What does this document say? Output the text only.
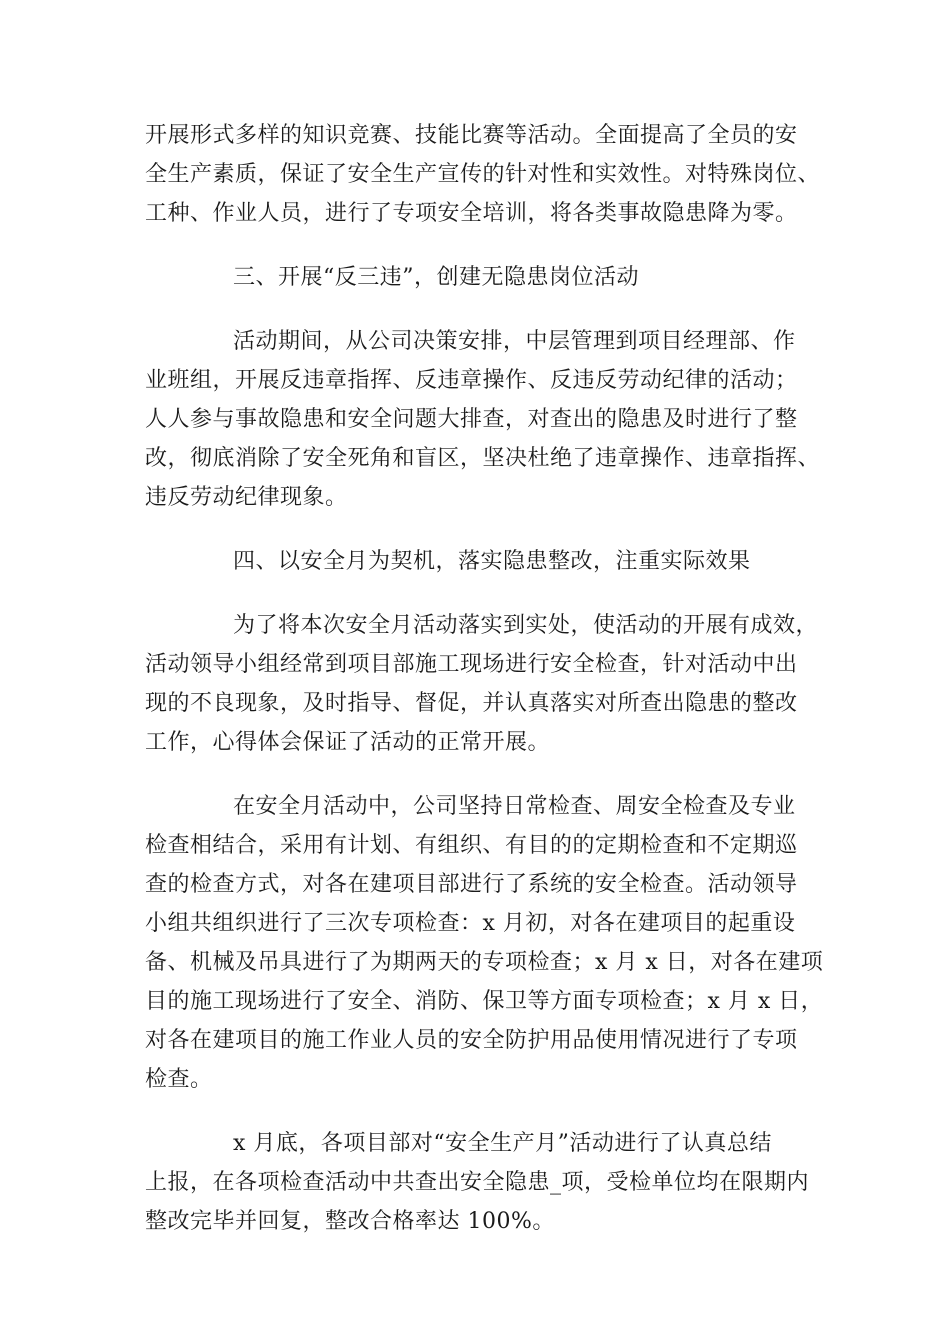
开展形式多样的知识竞赛、技能比赛等活动。全面提高了全员的安
全生产素质，保证了安全生产宣传的针对性和实效性。对特殊岗位、
工种、作业人员，进行了专项安全培训，将各类事故隐患降为零。

三、开展“反三违”，创建无隐患岗位活动

活动期间，从公司决策安排，中层管理到项目经理部、作
业班组，开展反违章指挥、反违章操作、反违反劳动纪律的活动；
人人参与事故隐患和安全问题大排查，对查出的隐患及时进行了整
改，彻底消除了安全死角和盲区，坚决杜绝了违章操作、违章指挥、
违反劳动纪律现象。

四、以安全月为契机，落实隐患整改，注重实际效果

为了将本次安全月活动落实到实处，使活动的开展有成效，
活动领导小组经常到项目部施工现场进行安全检查，针对活动中出
现的不良现象，及时指导、督促，并认真落实对所查出隐患的整改
工作，心得体会保证了活动的正常开展。

在安全月活动中，公司坚持日常检查、周安全检查及专业
检查相结合，采用有计划、有组织、有目的的定期检查和不定期巡
查的检查方式，对各在建项目部进行了系统的安全检查。活动领导
小组共组织进行了三次专项检查：x 月初，对各在建项目的起重设
备、机械及吊具进行了为期两天的专项检查；x 月 x 日，对各在建项
目的施工现场进行了安全、消防、保卫等方面专项检查；x 月 x 日，
对各在建项目的施工作业人员的安全防护用品使用情况进行了专项
检查。

x 月底，各项目部对“安全生产月”活动进行了认真总结
上报，在各项检查活动中共查出安全隐患_项，受检单位均在限期内
整改完毕并回复，整改合格率达 100%。
